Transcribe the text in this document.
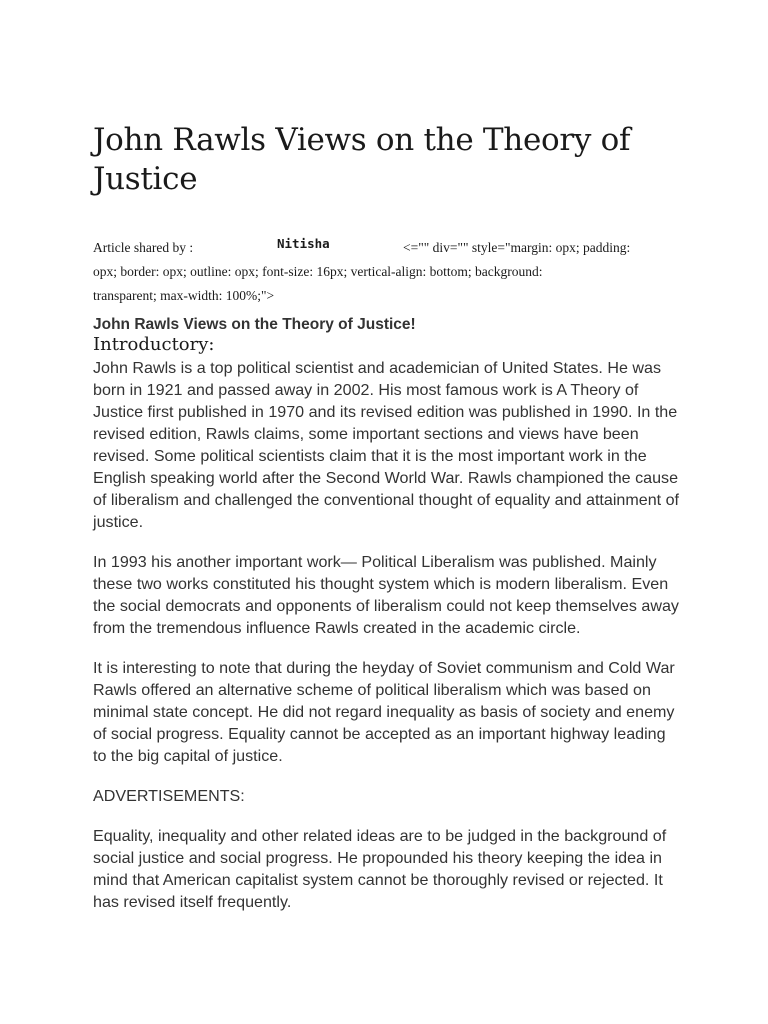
John Rawls Views on the Theory of Justice
Article shared by :	Nitisha	<="" div="" style="margin: opx; padding:
opx; border: opx; outline: opx; font-size: 16px; vertical-align: bottom; background:
transparent; max-width: 100%;">
John Rawls Views on the Theory of Justice!
Introductory:

John Rawls is a top political scientist and academician of United States. He was born in 1921 and passed away in 2002. His most famous work is A Theory of Justice first published in 1970 and its revised edition was published in 1990. In the revised edition, Rawls claims, some important sections and views have been revised. Some political scientists claim that it is the most important work in the English speaking world after the Second World War. Rawls championed the cause of liberalism and challenged the conventional thought of equality and attainment of justice.

In 1993 his another important work— Political Liberalism was published. Mainly these two works constituted his thought system which is modern liberalism. Even the social democrats and opponents of liberalism could not keep themselves away from the tremendous influence Rawls created in the academic circle.

It is interesting to note that during the heyday of Soviet communism and Cold War Rawls offered an alternative scheme of political liberalism which was based on minimal state concept. He did not regard inequality as basis of society and enemy of social progress. Equality cannot be accepted as an important highway leading to the big capital of justice.

ADVERTISEMENTS:

Equality, inequality and other related ideas are to be judged in the background of social justice and social progress. He propounded his theory keeping the idea in mind that American capitalist system cannot be thoroughly revised or rejected. It has revised itself frequently.
